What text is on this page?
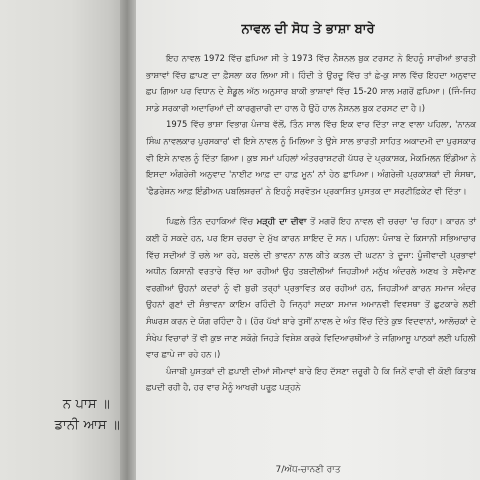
ਨ ਪਾਸ ॥
ਡਾਨੀ ਆਸ ॥
ਨਾਵਲ ਦੀ ਸੋਧ ਤੇ ਭਾਸ਼ਾ ਬਾਰੇ

ਇਹ ਨਾਵਲ 1972 ਵਿੱਚ ਛਪਿਆ ਸੀ ਤੇ 1973 ਵਿੱਚ ਨੈਸ਼ਨਲ ਬੁਕ ਟਰਸਟ ਨੇ ਇਹਨੂੰ ਸਾਰੀਆਂ ਭਾਰਤੀ ਭਾਸ਼ਾਵਾਂ ਵਿੱਚ ਛਾਪਣ ਦਾ ਫ਼ੈਸਲਾ ਕਰ ਲਿਆ ਸੀ। ਹਿੰਦੀ ਤੇ ਉਰਦੂ ਵਿੱਚ ਤਾਂ ਛੇ-ਕੁ ਸਾਲ ਵਿੱਚ ਇਹਦਾ ਅਨੁਵਾਦ ਛਪ ਗਿਆ ਪਰ ਵਿਧਾਨ ਦੇ ਸ਼ੈਡੂਲ ਅੱਠ ਅਨੁਸਾਰ ਬਾਕੀ ਭਾਸ਼ਾਵਾਂ ਵਿੱਚ 15-20 ਸਾਲ ਮਗਰੋਂ ਛਪਿਆ। (ਜਿੰ-ਜਿਹ ਸਾਡੇ ਸਰਕਾਰੀ ਅਦਾਰਿਆਂ ਦੀ ਕਾਰਗੁਜ਼ਾਰੀ ਦਾ ਹਾਲ ਹੈ ਉਹੋ ਹਾਲ ਨੈਸ਼ਨਲ ਬੁਕ ਟਰਸਟ ਦਾ ਹੈ।)

1975 ਵਿੱਚ ਭਾਸ਼ਾ ਵਿਭਾਗ ਪੰਜਾਬ ਵੱਲੋਂ, ਤਿੰਨ ਸਾਲ ਵਿੱਚ ਇਕ ਵਾਰ ਦਿੱਤਾ ਜਾਣ ਵਾਲਾ ਪਹਿਲਾ, 'ਨਾਨਕ ਸਿੰਘ ਨਾਵਲਕਾਰ ਪੁਰਸਕਾਰ' ਵੀ ਇਸੇ ਨਾਵਲ ਨੂੰ ਮਿਲਿਆ ਤੇ ਉਸੇ ਸਾਲ ਭਾਰਤੀ ਸਾਹਿਤ ਅਕਾਦਮੀ ਦਾ ਪੁਰਸਕਾਰ ਵੀ ਇਸੇ ਨਾਵਲ ਨੂੰ ਦਿੱਤਾ ਗਿਆ। ਕੁਝ ਸਮਾਂ ਪਹਿਲਾਂ ਅੰਤਰਰਾਸ਼ਟਰੀ ਪੱਧਰ ਦੇ ਪ੍ਰਕਾਸ਼ਕ, ਮੈਕਮਿਲਨ ਇੰਡੀਆ ਨੇ ਇਸਦਾ ਅੰਗਰੇਜ਼ੀ ਅਨੁਵਾਦ 'ਨਾਈਟ ਆਫ਼ ਦਾ ਹਾਫ਼ ਮੂਨ' ਨਾਂ ਹੇਠ ਛਾਪਿਆ। ਅੰਗਰੇਜ਼ੀ ਪ੍ਰਕਾਸ਼ਕਾਂ ਦੀ ਸੰਸਥਾ, 'ਫੈਡਰੇਸ਼ਨ ਆਫ਼ ਇੰਡੀਅਨ ਪਬਲਿਸ਼ਰਜ਼' ਨੇ ਇਹਨੂੰ ਸਰਵੋਤਮ ਪ੍ਰਕਾਸ਼ਿਤ ਪੁਸਤਕ ਦਾ ਸਰਟੀਫ਼ਿਕੇਟ ਵੀ ਦਿੱਤਾ।

ਪਿਛਲੇ ਤਿੰਨ ਦਹਾਕਿਆਂ ਵਿੱਚ ਮੜ੍ਹੀ ਦਾ ਦੀਵਾ ਤੋਂ ਮਗਰੋਂ ਇਹ ਨਾਵਲ ਵੀ ਚਰਚਾ 'ਚ ਰਿਹਾ। ਕਾਰਨ ਤਾਂ ਕਈ ਹੋ ਸਕਦੇ ਹਨ, ਪਰ ਇਸ ਚਰਚਾ ਦੇ ਮੁੱਖ ਕਾਰਨ ਸ਼ਾਇਦ ਦੋ ਸਨ। ਪਹਿਲਾ: ਪੰਜਾਬ ਦੇ ਕਿਸਾਨੀ ਸਭਿਆਚਾਰ ਵਿੱਚ ਸਦੀਆਂ ਤੋਂ ਚਲੇ ਆ ਰਹੇ, ਬਦਲੇ ਦੀ ਭਾਵਨਾ ਨਾਲ ਕੀਤੇ ਕਤਲ ਦੀ ਘਟਨਾ ਤੇ ਦੂਜਾ: ਪੂੰਜੀਵਾਦੀ ਪ੍ਰਭਾਵਾਂ ਅਧੀਨ ਕਿਸਾਨੀ ਵਰਤਾਰੇ ਵਿੱਚ ਆ ਰਹੀਆਂ ਉਹ ਤਬਦੀਲੀਆਂ ਜਿਹੜੀਆਂ ਮਨੁੱਖ ਅੰਦਰਲੇ ਅਣਖ ਤੇ ਸਵੈਮਾਣ ਵਰਗੀਆਂ ਉਹਨਾਂ ਕਦਰਾਂ ਨੂੰ ਵੀ ਬੁਰੀ ਤਰ੍ਹਾਂ ਪ੍ਰਭਾਵਿਤ ਕਰ ਰਹੀਆਂ ਹਨ, ਜਿਹੜੀਆਂ ਕਾਰਨ ਸਮਾਜ ਅੰਦਰ ਉਹਨਾਂ ਗੁਣਾਂ ਦੀ ਸੰਭਾਵਨਾ ਕਾਇਮ ਰਹਿੰਦੀ ਹੈ ਜਿਨ੍ਹਾਂ ਸਦਕਾ ਸਮਾਜ ਅਮਾਨਵੀ ਵਿਵਸਥਾ ਤੋਂ ਛੁਟਕਾਰੇ ਲਈ ਸੰਘਰਸ਼ ਕਰਨ ਦੇ ਯੋਗ ਰਹਿੰਦਾ ਹੈ। (ਹੋਰ ਪੱਖਾਂ ਬਾਰੇ ਤੁਸੀਂ ਨਾਵਲ ਦੇ ਅੰਤ ਵਿੱਚ ਦਿੱਤੇ ਕੁਝ ਵਿਦਵਾਨਾਂ, ਆਲੋਚਕਾਂ ਦੇ ਸੰਖੇਪ ਵਿਚਾਰਾਂ ਤੋਂ ਵੀ ਕੁਝ ਜਾਣ ਸਕੋਗੇ ਜਿਹੜੇ ਵਿਸ਼ੇਸ਼ ਕਰਕੇ ਵਿਦਿਆਰਥੀਆਂ ਤੇ ਜਗਿਆਸੂ ਪਾਠਕਾਂ ਲਈ ਪਹਿਲੀ ਵਾਰ ਛਾਪੇ ਜਾ ਰਹੇ ਹਨ।)

ਪੰਜਾਬੀ ਪੁਸਤਕਾਂ ਦੀ ਛਪਾਈ ਦੀਆਂ ਸੀਮਾਵਾਂ ਬਾਰੇ ਇਹ ਦੱਸਣਾ ਜ਼ਰੂਰੀ ਹੈ ਕਿ ਜਿਨੇਂ ਵਾਰੀ ਵੀ ਕੋਈ ਕਿਤਾਬ ਛਪਦੀ ਰਹੀ ਹੈ, ਹਰ ਵਾਰ ਮੈਨੂੰ ਆਖਰੀ ਪਰੂਫ਼ ਪੜ੍ਹਨੇ

7/ਅੱਧ-ਚਾਨਣੀ ਰਾਤ
